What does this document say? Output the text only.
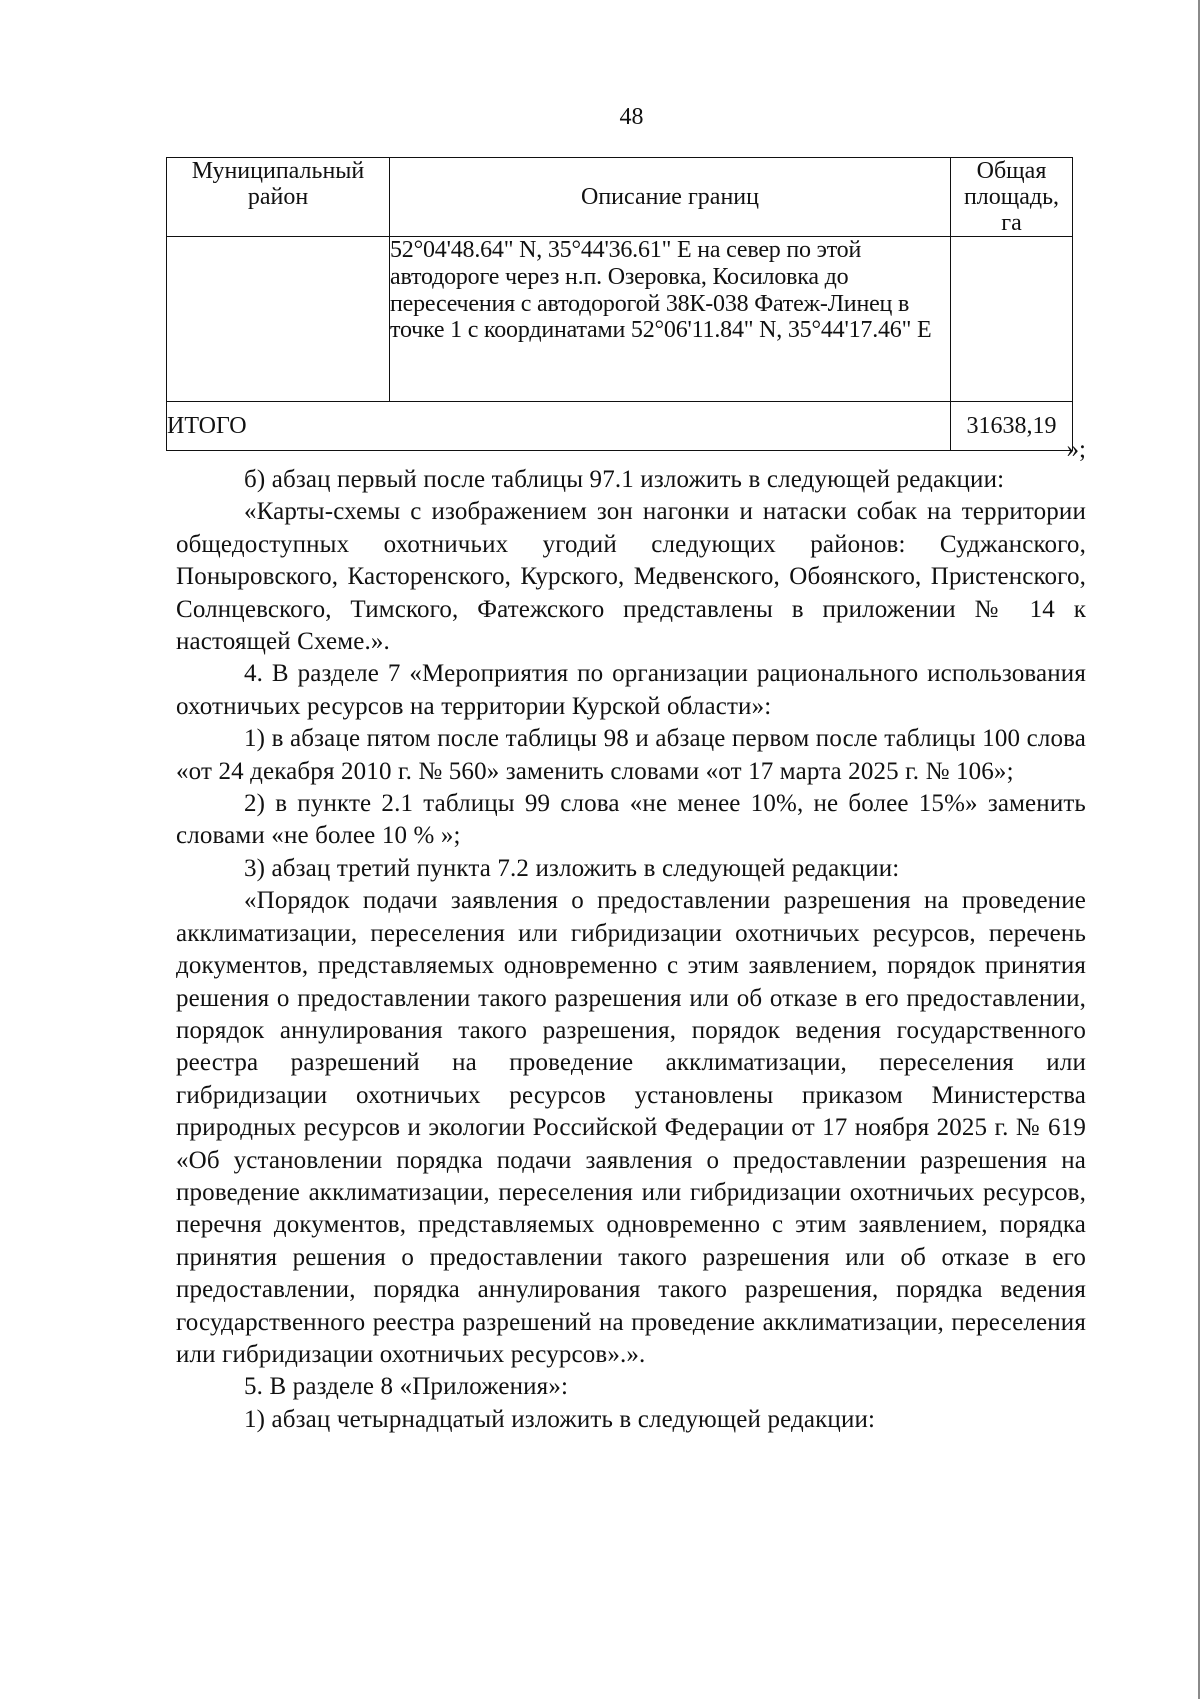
48
Муниципальный район	Описание границ	Общая площадь, га
	52°04'48.64" N, 35°44'36.61" E на север по этой автодороге через н.п. Озеровка, Косиловка до пересечения с автодорогой 38К-038 Фатеж-Линец в точке 1 с координатами 52°06'11.84" N, 35°44'17.46" E	
ИТОГО		31638,19
»;

б) абзац первый после таблицы 97.1 изложить в следующей редакции:

«Карты-схемы с изображением зон нагонки и натаски собак на территории общедоступных охотничьих угодий следующих районов: Суджанского, Поныровского, Касторенского, Курского, Медвенского, Обоянского, Пристенского, Солнцевского, Тимского, Фатежского представлены в приложении № 14 к настоящей Схеме.».

4. В разделе 7 «Мероприятия по организации рационального использования охотничьих ресурсов на территории Курской области»:

1) в абзаце пятом после таблицы 98 и абзаце первом после таблицы 100 слова «от 24 декабря 2010 г. № 560» заменить словами «от 17 марта 2025 г. № 106»;

2) в пункте 2.1 таблицы 99 слова «не менее 10%, не более 15%» заменить словами «не более 10 % »;

3) абзац третий пункта 7.2 изложить в следующей редакции:

«Порядок подачи заявления о предоставлении разрешения на проведение акклиматизации, переселения или гибридизации охотничьих ресурсов, перечень документов, представляемых одновременно с этим заявлением, порядок принятия решения о предоставлении такого разрешения или об отказе в его предоставлении, порядок аннулирования такого разрешения, порядок ведения государственного реестра разрешений на проведение акклиматизации, переселения или гибридизации охотничьих ресурсов установлены приказом Министерства природных ресурсов и экологии Российской Федерации от 17 ноября 2025 г. № 619 «Об установлении порядка подачи заявления о предоставлении разрешения на проведение акклиматизации, переселения или гибридизации охотничьих ресурсов, перечня документов, представляемых одновременно с этим заявлением, порядка принятия решения о предоставлении такого разрешения или об отказе в его предоставлении, порядка аннулирования такого разрешения, порядка ведения государственного реестра разрешений на проведение акклиматизации, переселения или гибридизации охотничьих ресурсов».».

5. В разделе 8 «Приложения»:

1) абзац четырнадцатый изложить в следующей редакции:
